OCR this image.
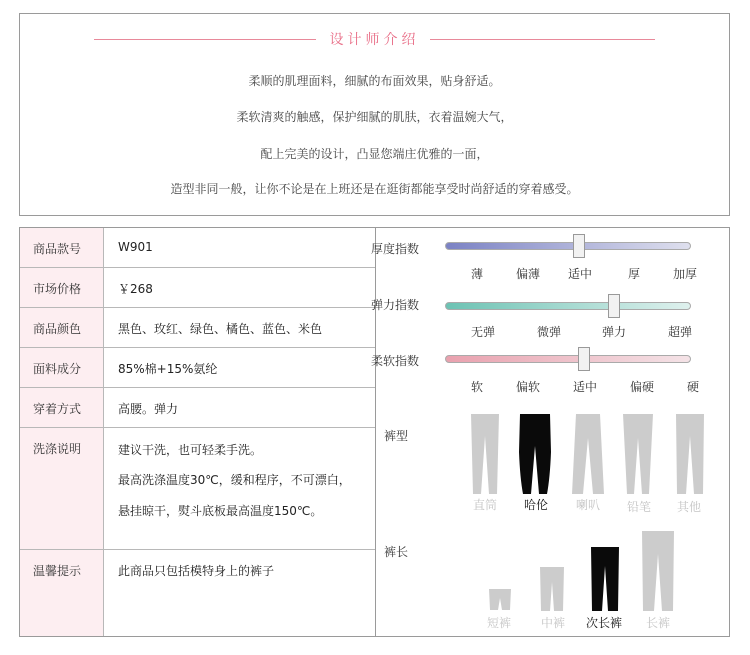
设计师介绍
柔顺的肌理面料，细腻的布面效果，贴身舒适。
柔软清爽的触感，保护细腻的肌肤，衣着温婉大气，
配上完美的设计，凸显您端庄优雅的一面，
造型非同一般，让你不论是在上班还是在逛街都能享受时尚舒适的穿着感受。
商品款号	W901
市场价格	￥268
商品颜色	黑色、玫红、绿色、橘色、蓝色、米色
面料成分	85%棉+15%氨纶
穿着方式	高腰。弹力
洗涤说明	建议干洗，也可轻柔手洗。
最高洗涤温度30℃，缓和程序，不可漂白，
悬挂晾干，熨斗底板最高温度150℃。
温馨提示	此商品只包括模特身上的裤子
厚度指数
薄	偏薄 适中	厚	加厚
弹力指数
无弹	微弹	弹力	超弹
柔软指数
软	偏软	适中	偏硬	硬
裤型
直筒 哈伦 喇叭 铅笔 其他
裤长
短裤 中裤 次长裤 长裤
